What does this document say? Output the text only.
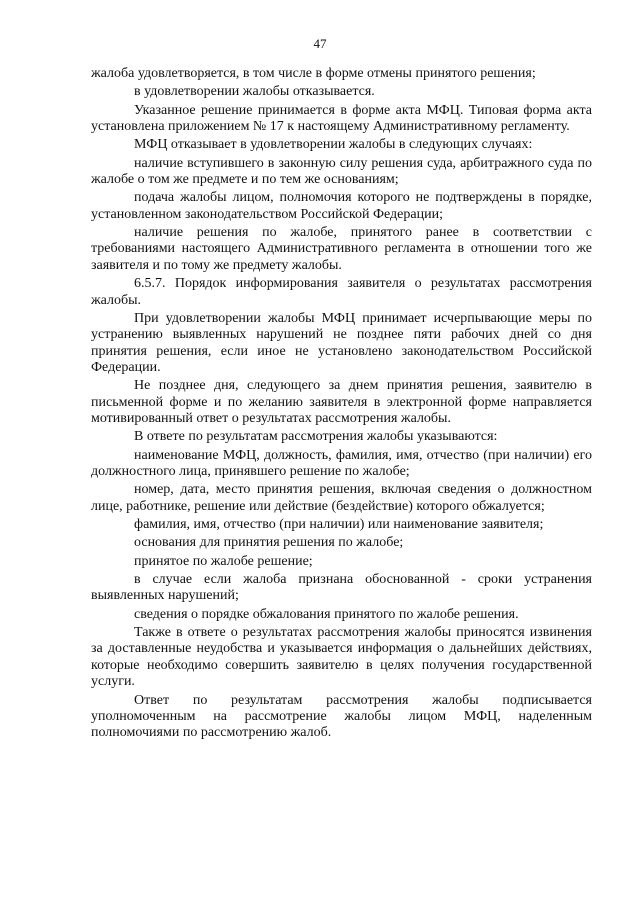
47

жалоба удовлетворяется, в том числе в форме отмены принятого решения;

в удовлетворении жалобы отказывается.

Указанное решение принимается в форме акта МФЦ. Типовая форма акта установлена приложением № 17 к настоящему Административному регламенту.

МФЦ отказывает в удовлетворении жалобы в следующих случаях:

наличие вступившего в законную силу решения суда, арбитражного суда по жалобе о том же предмете и по тем же основаниям;

подача жалобы лицом, полномочия которого не подтверждены в порядке, установленном законодательством Российской Федерации;

наличие решения по жалобе, принятого ранее в соответствии с требованиями настоящего Административного регламента в отношении того же заявителя и по тому же предмету жалобы.

6.5.7. Порядок информирования заявителя о результатах рассмотрения жалобы.

При удовлетворении жалобы МФЦ принимает исчерпывающие меры по устранению выявленных нарушений не позднее пяти рабочих дней со дня принятия решения, если иное не установлено законодательством Российской Федерации.

Не позднее дня, следующего за днем принятия решения, заявителю в письменной форме и по желанию заявителя в электронной форме направляется мотивированный ответ о результатах рассмотрения жалобы.

В ответе по результатам рассмотрения жалобы указываются:

наименование МФЦ, должность, фамилия, имя, отчество (при наличии) его должностного лица, принявшего решение по жалобе;

номер, дата, место принятия решения, включая сведения о должностном лице, работнике, решение или действие (бездействие) которого обжалуется;

фамилия, имя, отчество (при наличии) или наименование заявителя;

основания для принятия решения по жалобе;

принятое по жалобе решение;

в случае если жалоба признана обоснованной - сроки устранения выявленных нарушений;

сведения о порядке обжалования принятого по жалобе решения.

Также в ответе о результатах рассмотрения жалобы приносятся извинения за доставленные неудобства и указывается информация о дальнейших действиях, которые необходимо совершить заявителю в целях получения государственной услуги.

Ответ по результатам рассмотрения жалобы подписывается уполномоченным на рассмотрение жалобы лицом МФЦ, наделенным полномочиями по рассмотрению жалоб.
